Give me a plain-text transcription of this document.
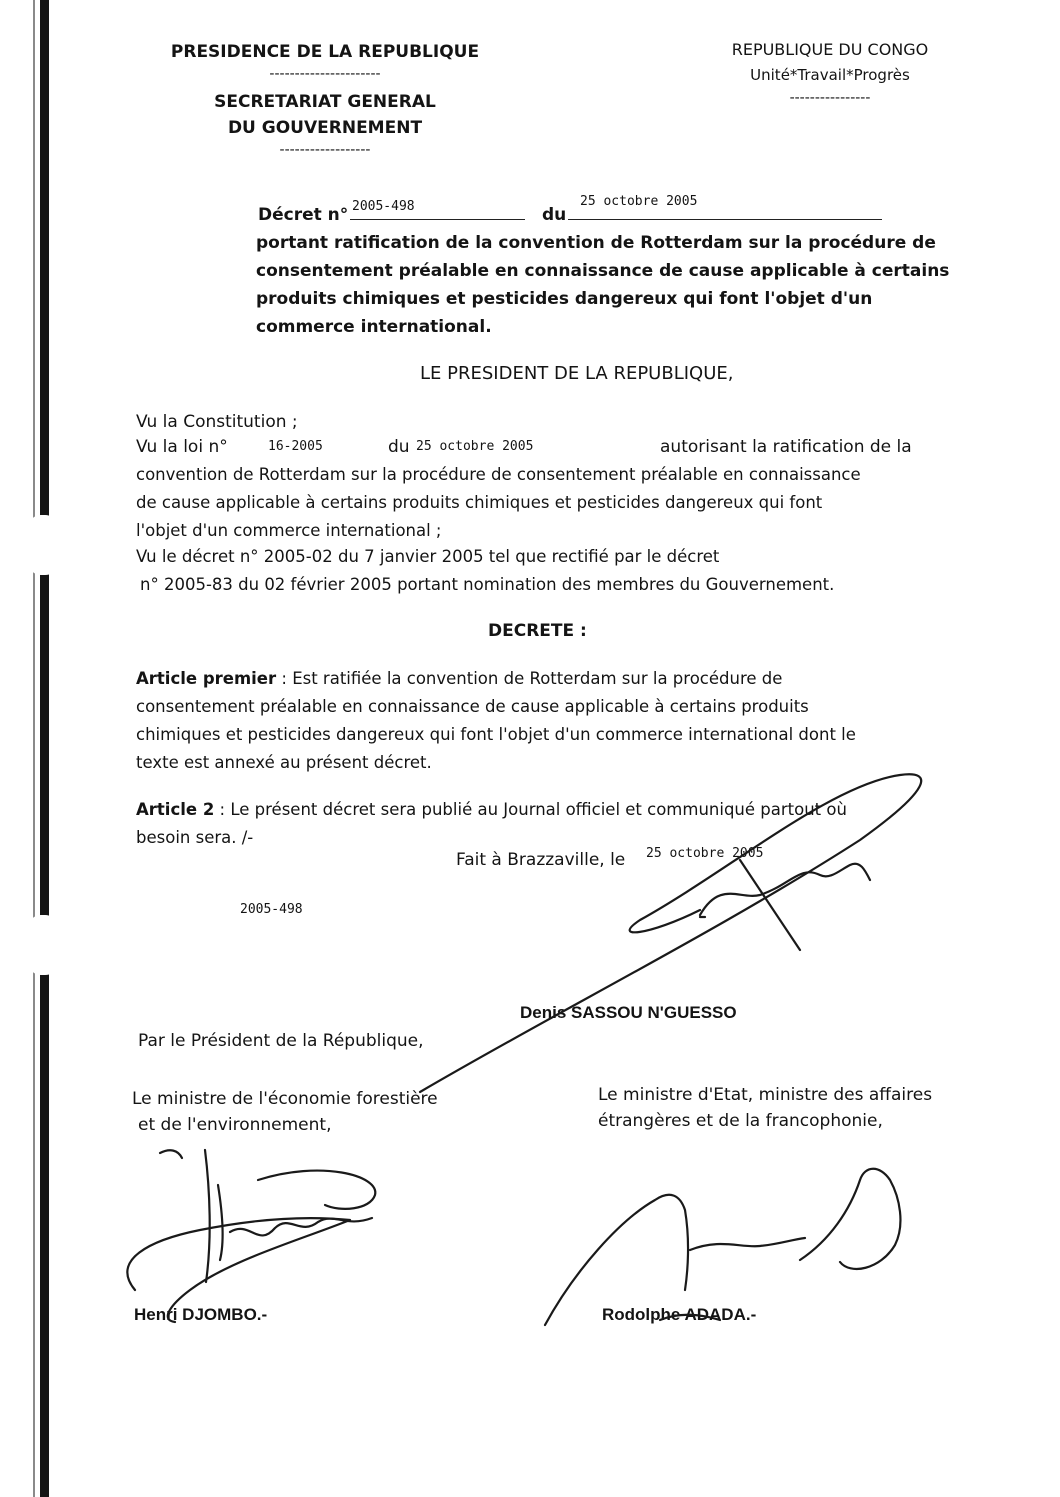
PRESIDENCE DE LA REPUBLIQUE
----------------------
SECRETARIAT GENERAL
DU GOUVERNEMENT
------------------
REPUBLIQUE DU CONGO
Unité*Travail*Progrès
----------------
Décret n° 2005-498	du
25 octobre 2005
portant ratification de la convention de Rotterdam sur la procédure de
consentement préalable en connaissance de cause applicable à certains
produits chimiques et pesticides dangereux qui font l'objet d'un
commerce international.
LE PRESIDENT DE LA REPUBLIQUE,
Vu la Constitution ;
Vu la loi n°	16-2005	du 25 octobre 2005	autorisant la ratification de la
convention de Rotterdam sur la procédure de consentement préalable en connaissance
de cause applicable à certains produits chimiques et pesticides dangereux qui font
l'objet d'un commerce international ;
Vu le décret n° 2005-02 du 7 janvier 2005 tel que rectifié par le décret
n° 2005-83 du 02 février 2005 portant nomination des membres du Gouvernement.
DECRETE :
Article premier : Est ratifiée la convention de Rotterdam sur la procédure de
consentement préalable en connaissance de cause applicable à certains produits
chimiques et pesticides dangereux qui font l'objet d'un commerce international dont le
texte est annexé au présent décret.
Article 2 : Le présent décret sera publié au Journal officiel et communiqué partout où
besoin sera. /-
Fait à Brazzaville, le 25 octobre 2005
2005-498
Denis SASSOU N'GUESSO
Par le Président de la République,
Le ministre de l'économie forestière
et de l'environnement,
Le ministre d'Etat, ministre des affaires
étrangères et de la francophonie,
Henri DJOMBO.-	Rodolphe ADADA.-
